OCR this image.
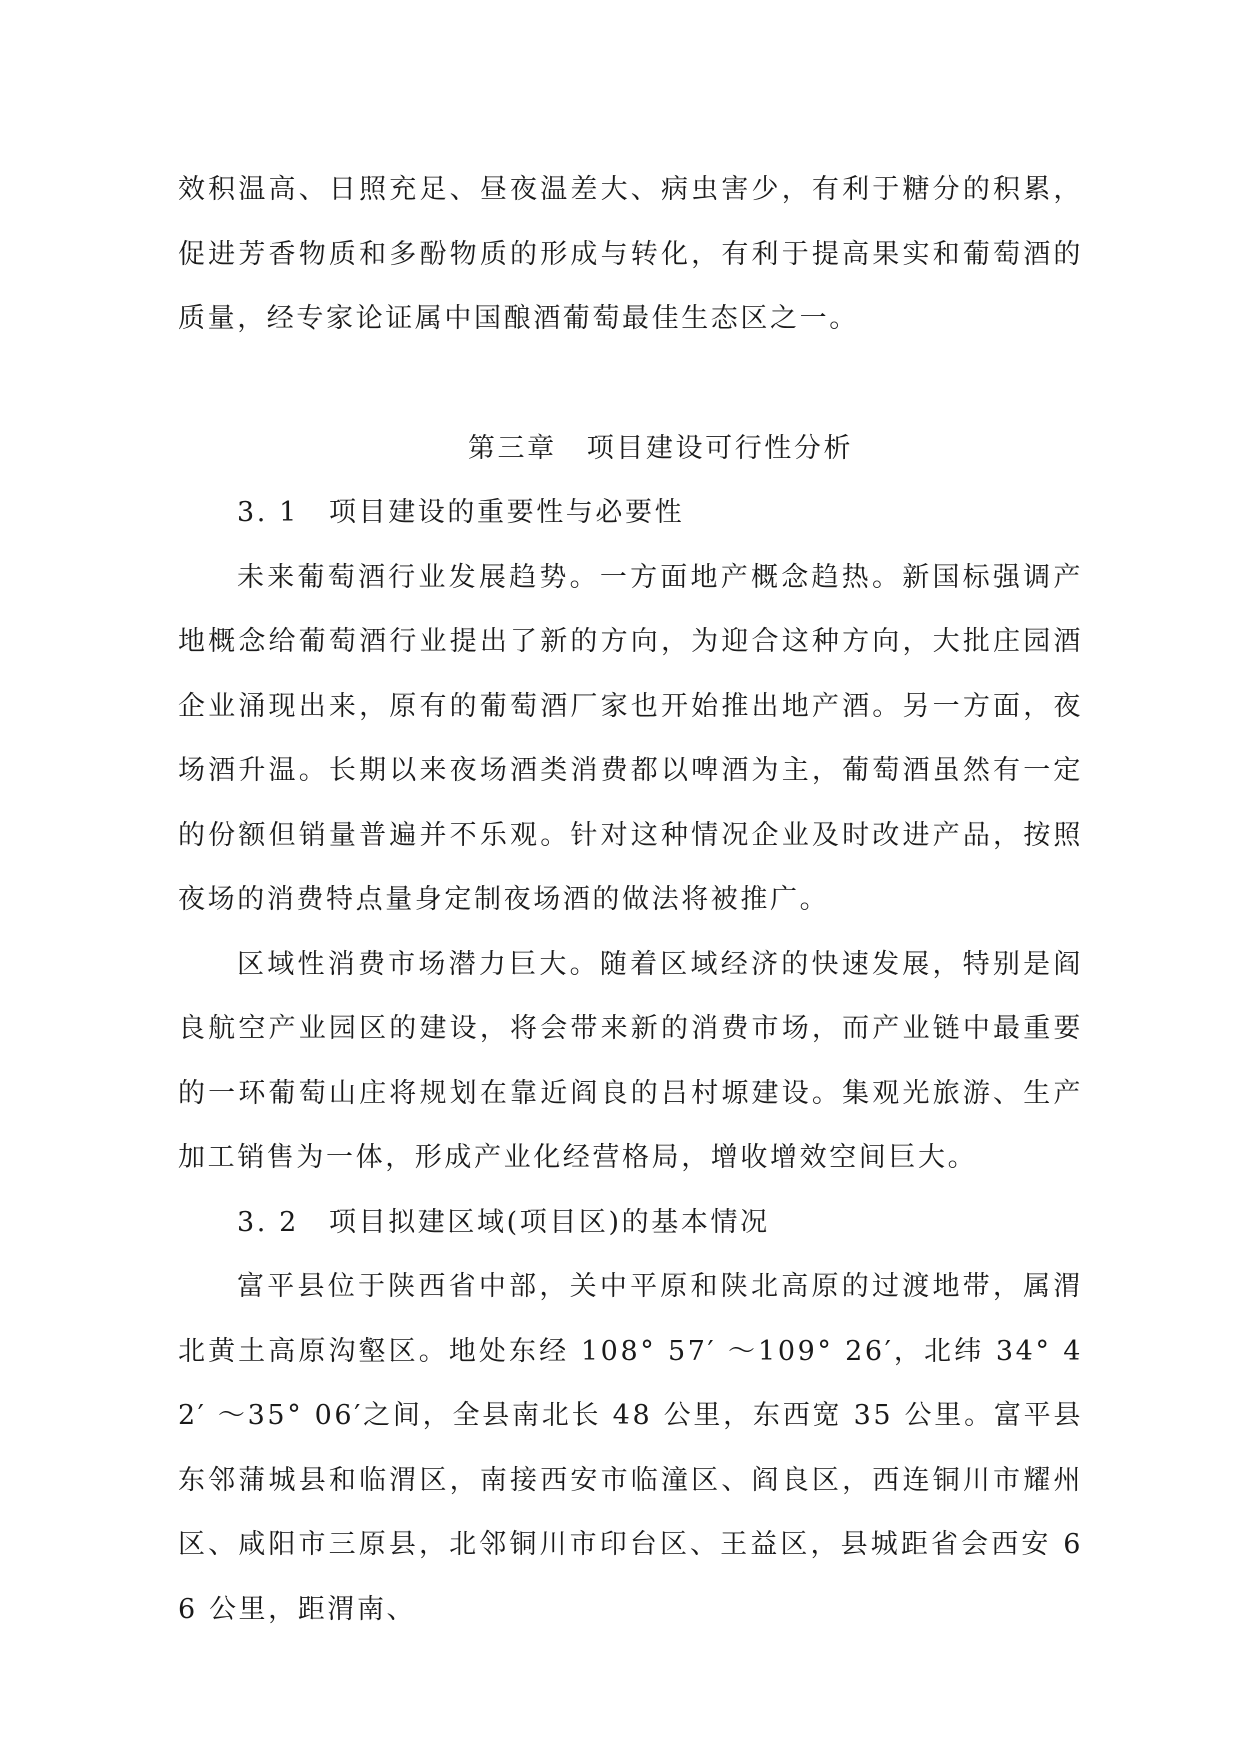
效积温高、日照充足、昼夜温差大、病虫害少，有利于糖分的积累，促进芳香物质和多酚物质的形成与转化，有利于提高果实和葡萄酒的质量，经专家论证属中国酿酒葡萄最佳生态区之一。

第三章 项目建设可行性分析

3. 1 项目建设的重要性与必要性

未来葡萄酒行业发展趋势。一方面地产概念趋热。新国标强调产地概念给葡萄酒行业提出了新的方向，为迎合这种方向，大批庄园酒企业涌现出来，原有的葡萄酒厂家也开始推出地产酒。另一方面，夜场酒升温。长期以来夜场酒类消费都以啤酒为主，葡萄酒虽然有一定的份额但销量普遍并不乐观。针对这种情况企业及时改进产品，按照夜场的消费特点量身定制夜场酒的做法将被推广。

区域性消费市场潜力巨大。随着区域经济的快速发展，特别是阎良航空产业园区的建设，将会带来新的消费市场，而产业链中最重要的一环葡萄山庄将规划在靠近阎良的吕村塬建设。集观光旅游、生产加工销售为一体，形成产业化经营格局，增收增效空间巨大。

3. 2 项目拟建区域(项目区)的基本情况

富平县位于陕西省中部，关中平原和陕北高原的过渡地带，属渭北黄土高原沟壑区。地处东经 108° 57′ ～109° 26′，北纬 34° 42′ ～35° 06′之间，全县南北长 48 公里，东西宽 35 公里。富平县东邻蒲城县和临渭区，南接西安市临潼区、阎良区，西连铜川市耀州区、咸阳市三原县，北邻铜川市印台区、王益区，县城距省会西安 66 公里，距渭南、
